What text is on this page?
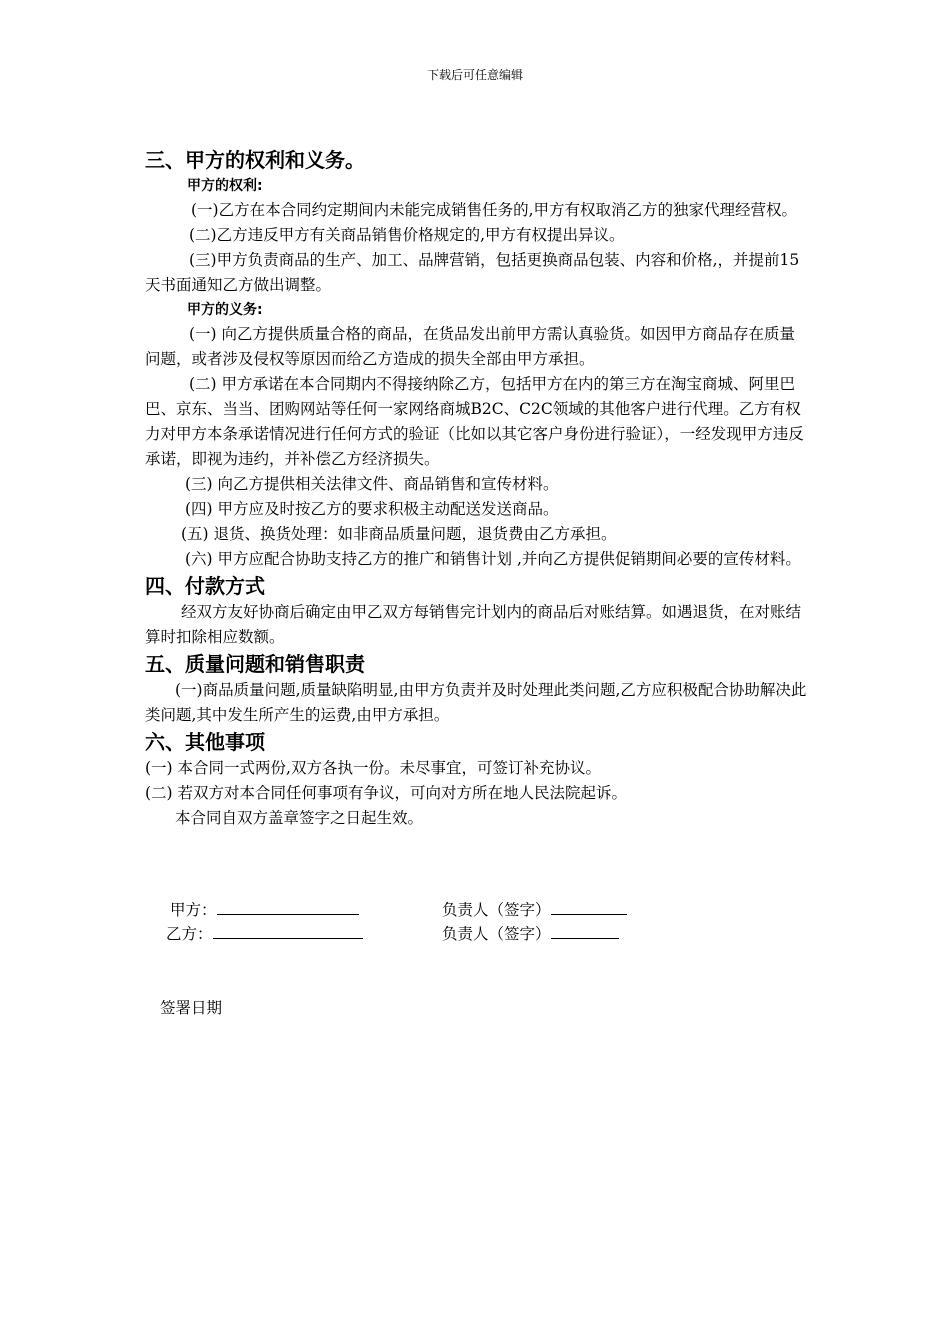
下载后可任意编辑
三、甲方的权利和义务。
甲方的权利:

(一)乙方在本合同约定期间内未能完成销售任务的,甲方有权取消乙方的独家代理经营权。

(二)乙方违反甲方有关商品销售价格规定的,甲方有权提出异议。

(三)甲方负责商品的生产、加工、品牌营销，包括更换商品包装、内容和价格,，并提前15天书面通知乙方做出调整。

甲方的义务:

(一) 向乙方提供质量合格的商品，在货品发出前甲方需认真验货。如因甲方商品存在质量问题，或者涉及侵权等原因而给乙方造成的损失全部由甲方承担。

(二) 甲方承诺在本合同期内不得接纳除乙方，包括甲方在内的第三方在淘宝商城、阿里巴巴、京东、当当、团购网站等任何一家网络商城B2C、C2C领域的其他客户进行代理。乙方有权力对甲方本条承诺情况进行任何方式的验证（比如以其它客户身份进行验证），一经发现甲方违反承诺，即视为违约，并补偿乙方经济损失。

(三) 向乙方提供相关法律文件、商品销售和宣传材料。

(四) 甲方应及时按乙方的要求积极主动配送发送商品。

(五) 退货、换货处理：如非商品质量问题，退货费由乙方承担。

(六) 甲方应配合协助支持乙方的推广和销售计划 ,并向乙方提供促销期间必要的宣传材料。

四、付款方式

经双方友好协商后确定由甲乙双方每销售完计划内的商品后对账结算。如遇退货，在对账结算时扣除相应数额。

五、质量问题和销售职责

(一)商品质量问题,质量缺陷明显,由甲方负责并及时处理此类问题,乙方应积极配合协助解决此类问题,其中发生所产生的运费,由甲方承担。

六、其他事项

(一) 本合同一式两份,双方各执一份。未尽事宜，可签订补充协议。

(二) 若双方对本合同任何事项有争议，可向对方所在地人民法院起诉。

本合同自双方盖章签字之日起生效。

甲方：
乙方：
负责人（签字）
负责人（签字）
签署日期
